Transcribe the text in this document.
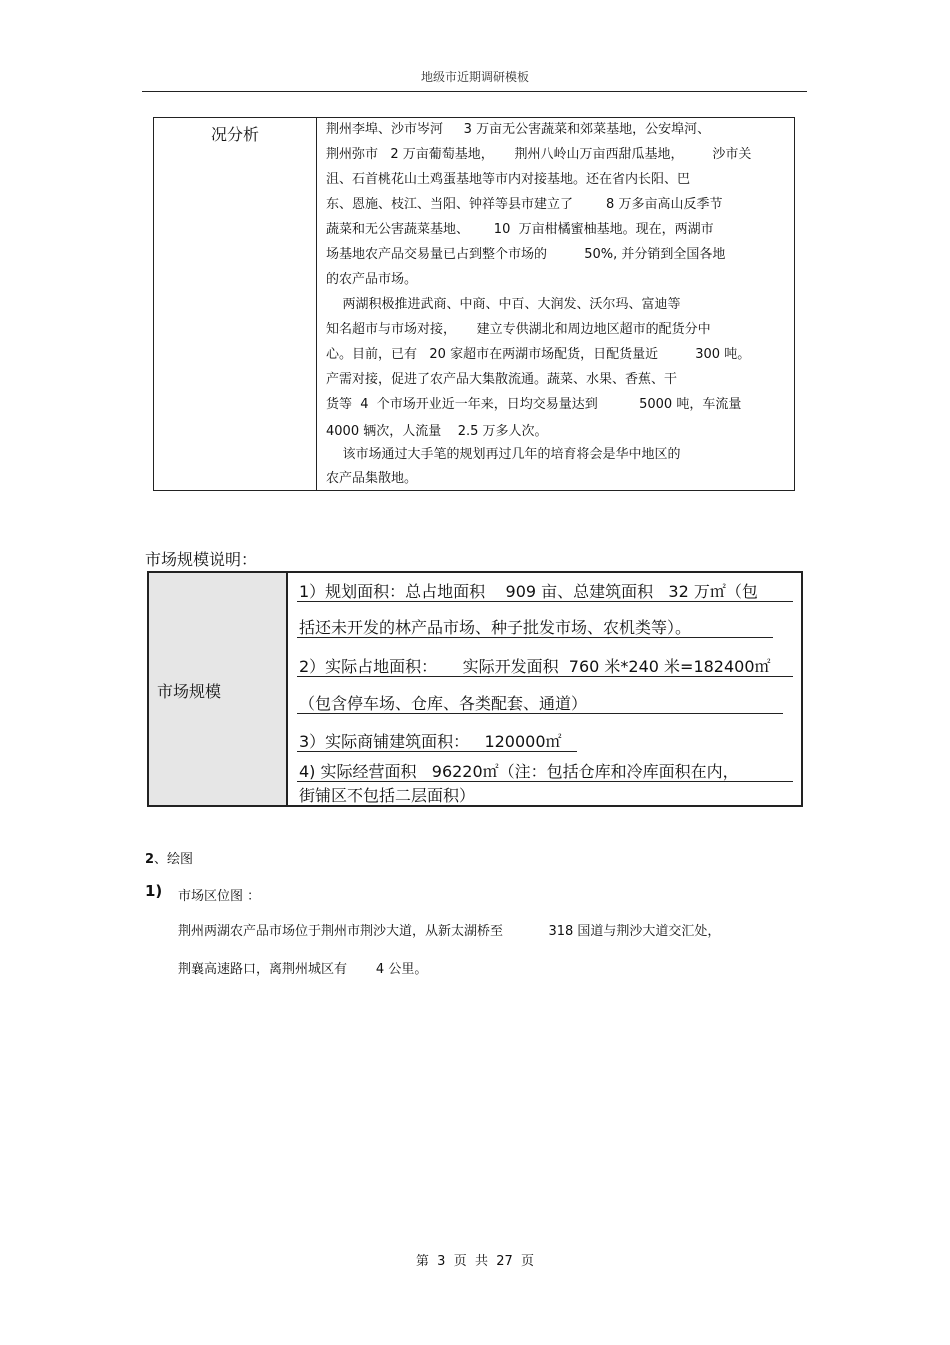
地级市近期调研模板
况分析	荆州李埠、沙市岑河     3 万亩无公害蔬菜和郊菜基地，公安埠河、
荆州弥市   2 万亩葡萄基地，     荆州八岭山万亩西甜瓜基地，       沙市关
沮、石首桃花山土鸡蛋基地等市内对接基地。还在省内长阳、巴
东、恩施、枝江、当阳、钟祥等县市建立了        8 万多亩高山反季节
蔬菜和无公害蔬菜基地、      10  万亩柑橘蜜柚基地。现在，两湖市
场基地农产品交易量已占到整个市场的         50%, 并分销到全国各地
的农产品市场。
两湖积极推进武商、中商、中百、大润发、沃尔玛、富迪等
知名超市与市场对接，     建立专供湖北和周边地区超市的配货分中
心。目前，已有   20 家超市在两湖市场配货，日配货量近         300 吨。
产需对接，促进了农产品大集散流通。蔬菜、水果、香蕉、干
货等  4  个市场开业近一年来，日均交易量达到          5000 吨，车流量
4000 辆次，人流量    2.5 万多人次。
该市场通过大手笔的规划再过几年的培育将会是华中地区的
农产品集散地。
市场规模说明：
市场规模
1）规划面积：总占地面积    909 亩、总建筑面积   32 万㎡（包
括还未开发的林产品市场、种子批发市场、农机类等）。
2）实际占地面积：     实际开发面积  760 米*240 米=182400㎡
（包含停车场、仓库、各类配套、通道）
3）实际商铺建筑面积：   120000㎡
4) 实际经营面积   96220㎡（注：包括仓库和冷库面积在内，
街铺区不包括二层面积）
2、绘图
1) 市场区位图 ：
荆州两湖农产品市场位于荆州市荆沙大道，从新太湖桥至           318 国道与荆沙大道交汇处，
荆襄高速路口，离荆州城区有       4 公里。
第  3  页  共  27  页
